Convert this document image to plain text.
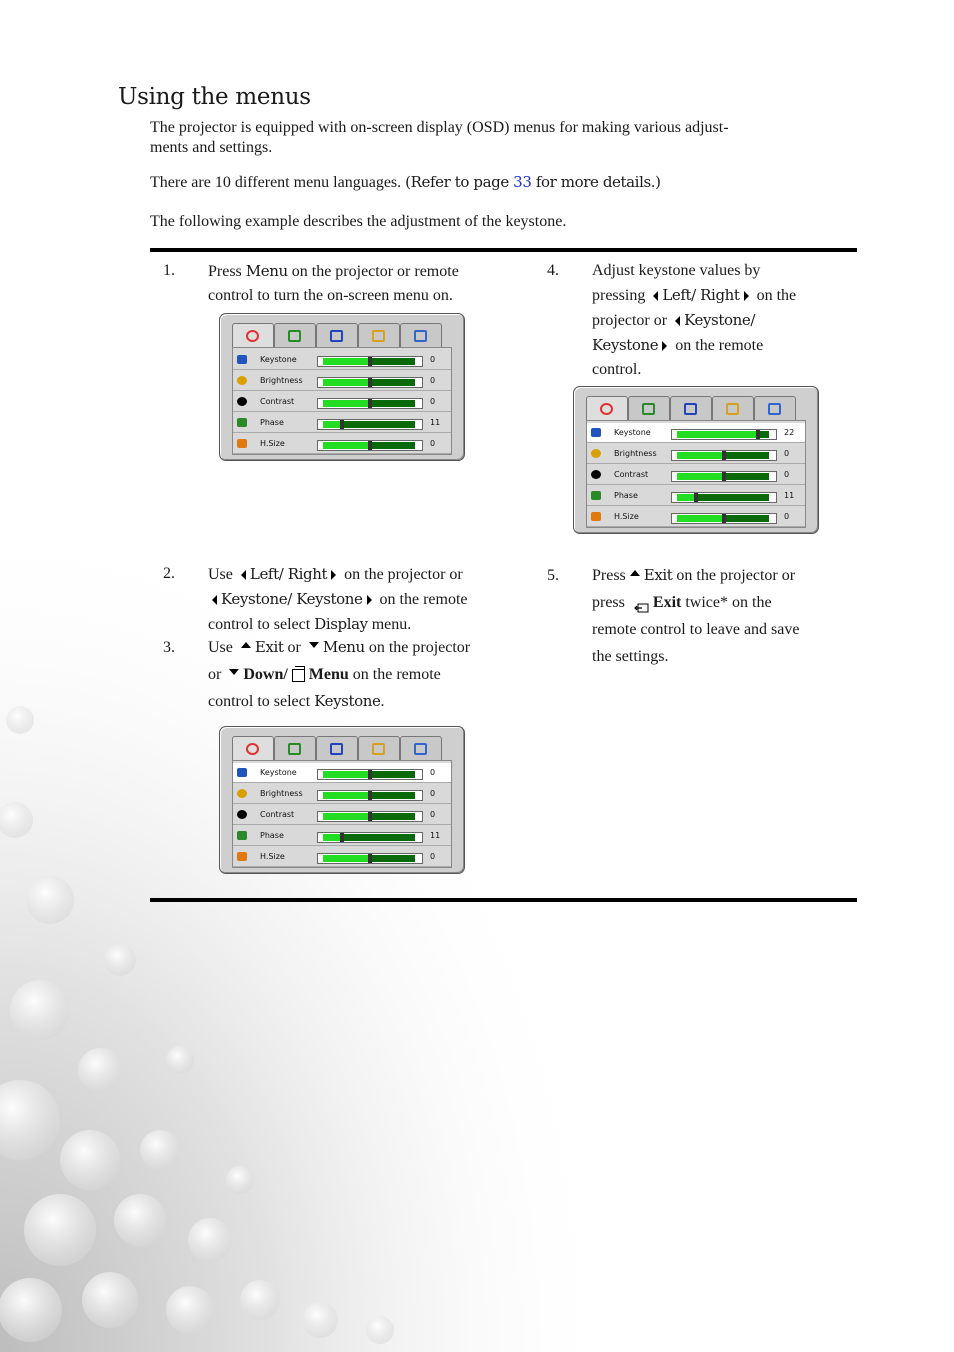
Using the menus

The projector is equipped with on-screen display (OSD) menus for making various adjust-
ments and settings.

There are 10 different menu languages. (Refer to page 33 for more details.)

The following example describes the adjustment of the keystone.

1. Press Menu on the projector or remote
control to turn the on-screen menu on.
Keystone	0
Brightness	0
Contrast	0
Phase	11
H.Size	0
4. Adjust keystone values by
pressing Left/ Right on the
projector or Keystone/
Keystone on the remote
control.
Keystone	22
Brightness	0
Contrast	0
Phase	11
H.Size	0
2. Use Left/ Right on the projector or
Keystone/ Keystone on the remote
control to select Display menu.
3. Use Exit or Menu on the projector
or Down/ Menu on the remote
control to select Keystone.
Keystone	0
Brightness	0
Contrast	0
Phase	11
H.Size	0
5. Press Exit on the projector or
press Exit twice* on the
remote control to leave and save
the settings.
